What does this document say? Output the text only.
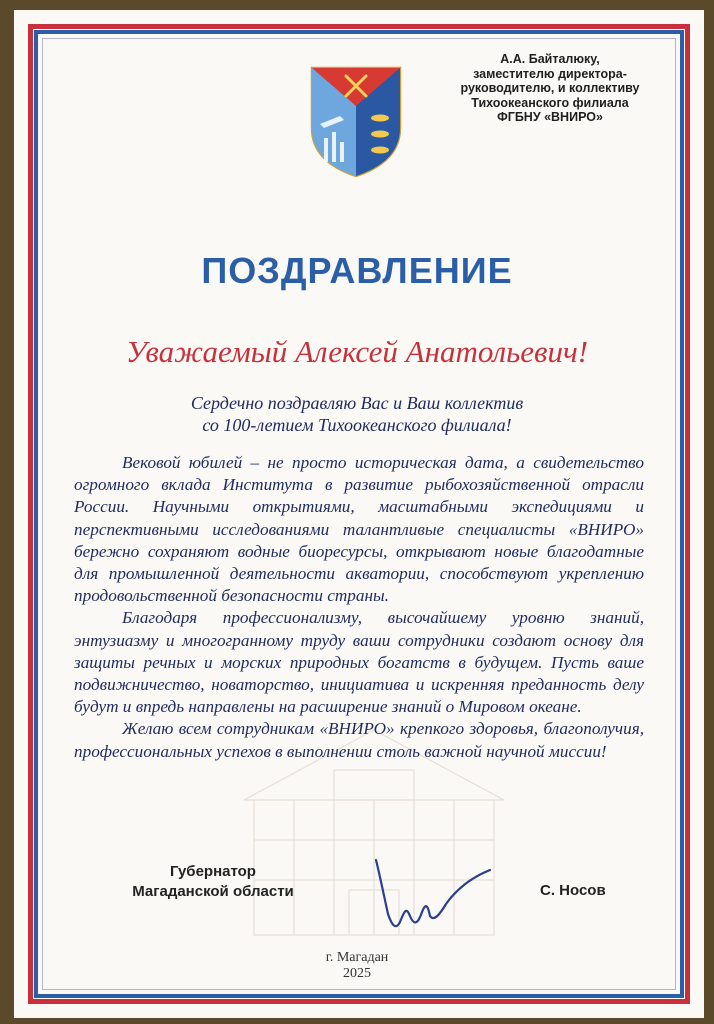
А.А. Байталюку,
заместителю директора-
руководителю, и коллективу
Тихоокеанского филиала
ФГБНУ «ВНИРО»
ПОЗДРАВЛЕНИЕ
Уважаемый Алексей Анатольевич!
Сердечно поздравляю Вас и Ваш коллектив
со 100-летием Тихоокеанского филиала!

Вековой юбилей – не просто историческая дата, а свидетельство огромного вклада Института в развитие рыбохозяйственной отрасли России. Научными открытиями, масштабными экспедициями и перспективными исследованиями талантливые специалисты «ВНИРО» бережно сохраняют водные биоресурсы, открывают новые благодатные для промышленной деятельности акватории, способствуют укреплению продовольственной безопасности страны.

Благодаря профессионализму, высочайшему уровню знаний, энтузиазму и многогранному труду ваши сотрудники создают основу для защиты речных и морских природных богатств в будущем. Пусть ваше подвижничество, новаторство, инициатива и искренняя преданность делу будут и впредь направлены на расширение знаний о Мировом океане.

Желаю всем сотрудникам «ВНИРО» крепкого здоровья, благополучия, профессиональных успехов в выполнении столь важной научной миссии!

Губернатор
Магаданской области	С. Носов
г. Магадан
2025
